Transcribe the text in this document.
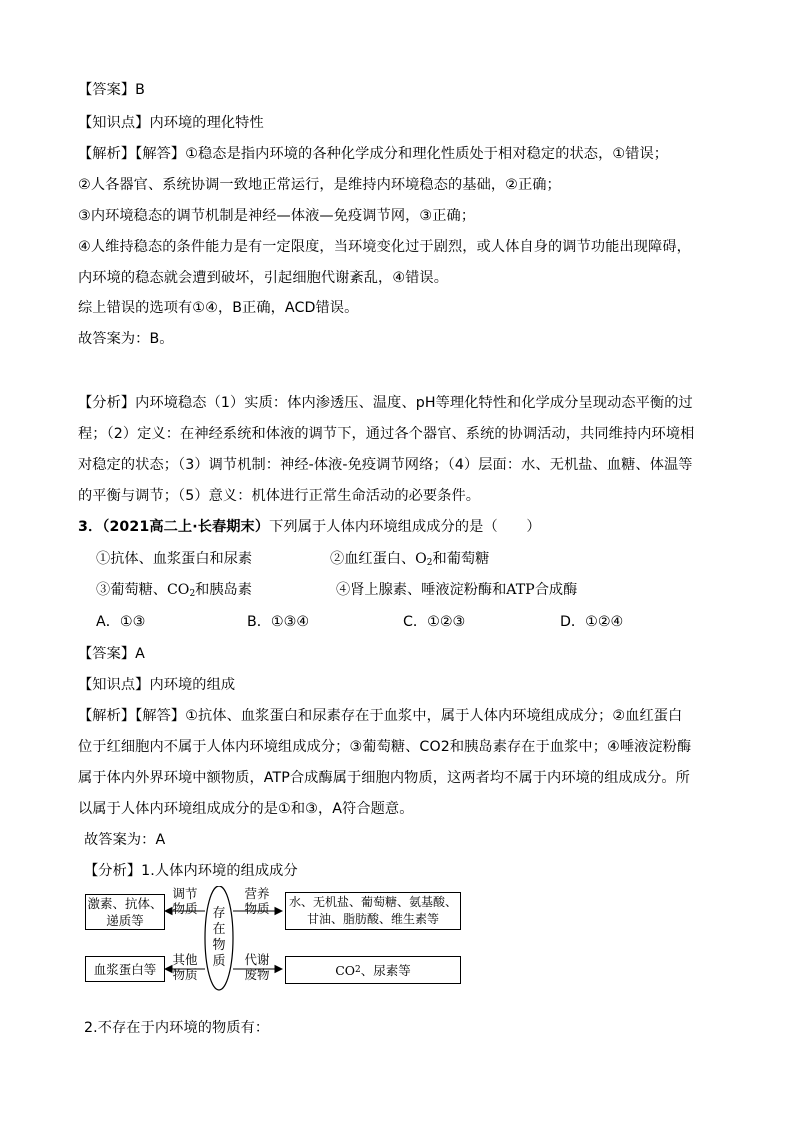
【答案】B
【知识点】内环境的理化特性
【解析】【解答】①稳态是指内环境的各种化学成分和理化性质处于相对稳定的状态，①错误；
②人各器官、系统协调一致地正常运行，是维持内环境稳态的基础，②正确；
③内环境稳态的调节机制是神经—体液—免疫调节网，③正确；
④人维持稳态的条件能力是有一定限度，当环境变化过于剧烈，或人体自身的调节功能出现障碍，
内环境的稳态就会遭到破坏，引起细胞代谢紊乱，④错误。
综上错误的选项有①④，B正确，ACD错误。
故答案为：B。
【分析】内环境稳态（1）实质：体内渗透压、温度、pH等理化特性和化学成分呈现动态平衡的过
程；（2）定义：在神经系统和体液的调节下，通过各个器官、系统的协调活动，共同维持内环境相
对稳定的状态；（3）调节机制：神经-体液-免疫调节网络；（4）层面：水、无机盐、血糖、体温等
的平衡与调节；（5）意义：机体进行正常生命活动的必要条件。
3．（2021高二上·长春期末）下列属于人体内环境组成成分的是（　　）
①抗体、血浆蛋白和尿素	②血红蛋白、$O_2$和葡萄糖
③葡萄糖、$CO_2$和胰岛素	④肾上腺素、唾液淀粉酶和ATP合成酶
A．①③	B．①③④	C．①②③	D．①②④
【答案】A
【知识点】内环境的组成
【解析】【解答】①抗体、血浆蛋白和尿素存在于血浆中，属于人体内环境组成成分；②血红蛋白
位于红细胞内不属于人体内环境组成成分；③葡萄糖、CO2和胰岛素存在于血浆中；④唾液淀粉酶
属于体内外界环境中额物质，ATP合成酶属于细胞内物质，这两者均不属于内环境的组成成分。所
以属于人体内环境组成成分的是①和③，A符合题意。
故答案为：A
【分析】1.人体内环境的组成成分
激素、抗体、
递质等
调节
物质	存
在
物
质
营养
物质	水、无机盐、葡萄糖、氨基酸、
甘油、脂肪酸、维生素等
血浆蛋白等
其他
物质
代谢
废物	CO 2 、尿素等
2.不存在于内环境的物质有：
